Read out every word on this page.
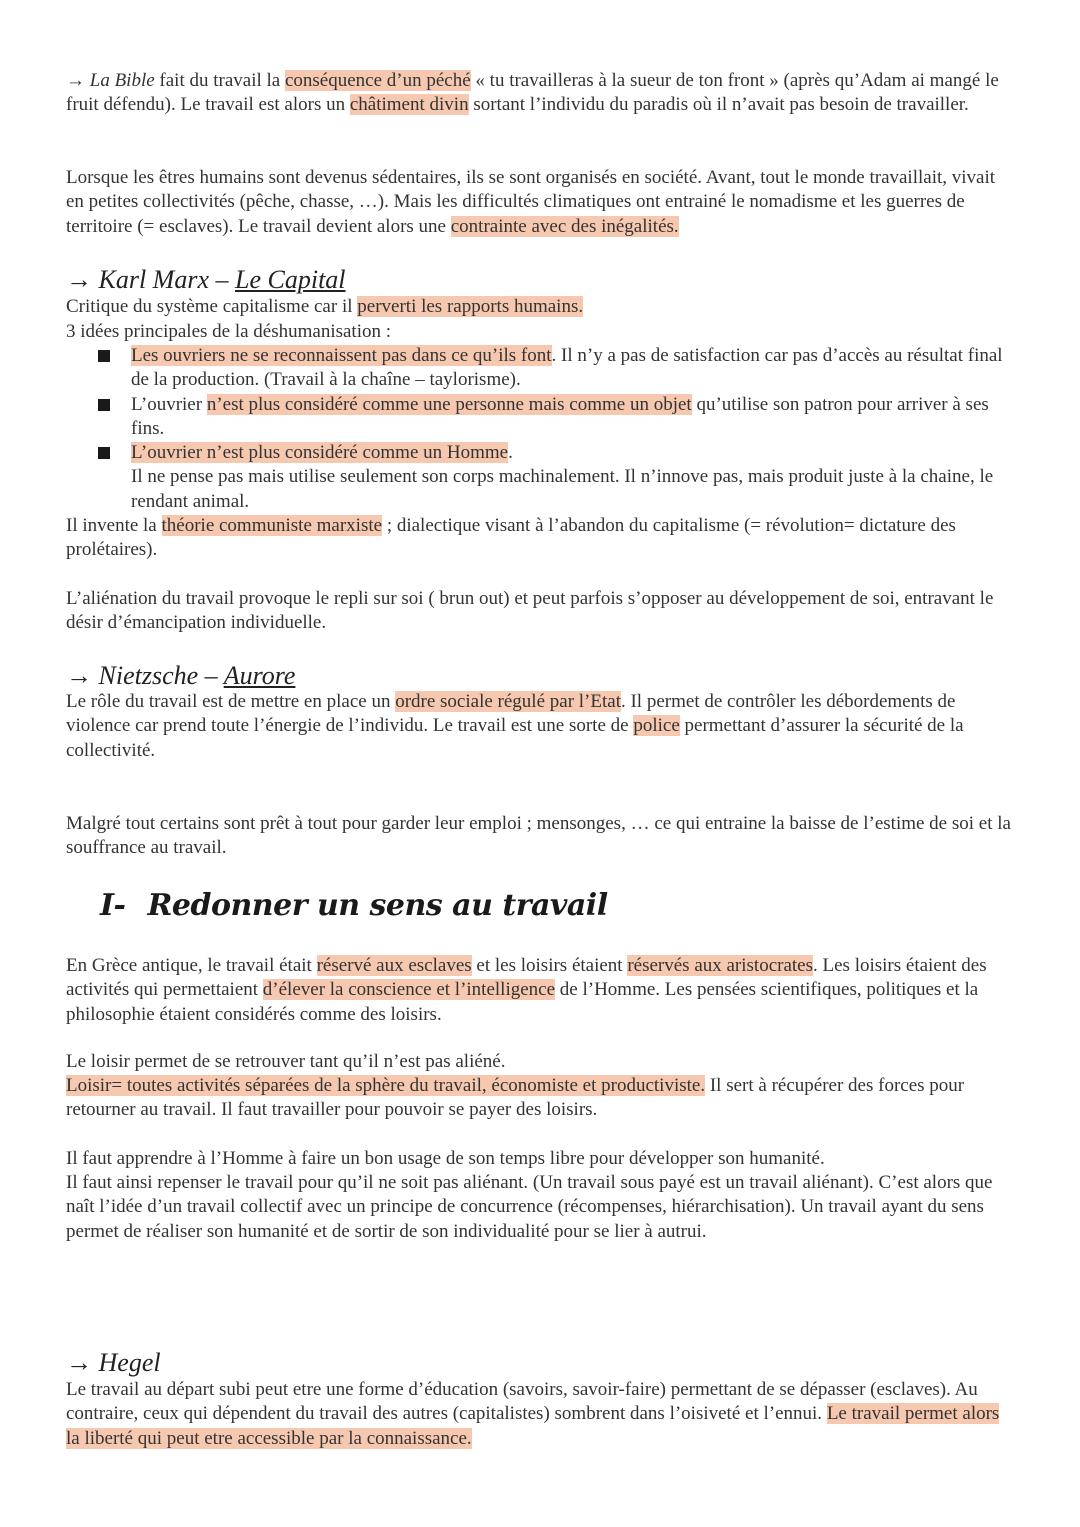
→ La Bible fait du travail la conséquence d’un péché « tu travailleras à la sueur de ton front » (après qu’Adam ai mangé le fruit défendu). Le travail est alors un châtiment divin sortant l’individu du paradis où il n’avait pas besoin de travailler.

Lorsque les êtres humains sont devenus sédentaires, ils se sont organisés en société. Avant, tout le monde travaillait, vivait en petites collectivités (pêche, chasse, …). Mais les difficultés climatiques ont entrainé le nomadisme et les guerres de territoire (= esclaves). Le travail devient alors une contrainte avec des inégalités.

→ Karl Marx – Le Capital

Critique du système capitalisme car il perverti les rapports humains.

3 idées principales de la déshumanisation :

Les ouvriers ne se reconnaissent pas dans ce qu’ils font. Il n’y a pas de satisfaction car pas d’accès au résultat final de la production. (Travail à la chaîne – taylorisme).
L’ouvrier n’est plus considéré comme une personne mais comme un objet qu’utilise son patron pour arriver à ses fins.
L’ouvrier n’est plus considéré comme un Homme.
Il ne pense pas mais utilise seulement son corps machinalement. Il n’innove pas, mais produit juste à la chaine, le rendant animal.

Il invente la théorie communiste marxiste ; dialectique visant à l’abandon du capitalisme (= révolution= dictature des prolétaires).

L’aliénation du travail provoque le repli sur soi ( brun out) et peut parfois s’opposer au développement de soi, entravant le désir d’émancipation individuelle.

→ Nietzsche – Aurore

Le rôle du travail est de mettre en place un ordre sociale régulé par l’Etat. Il permet de contrôler les débordements de violence car prend toute l’énergie de l’individu. Le travail est une sorte de police permettant d’assurer la sécurité de la collectivité.

Malgré tout certains sont prêt à tout pour garder leur emploi ; mensonges, … ce qui entraine la baisse de l’estime de soi et la souffrance au travail.

I- Redonner un sens au travail

En Grèce antique, le travail était réservé aux esclaves et les loisirs étaient réservés aux aristocrates. Les loisirs étaient des activités qui permettaient d’élever la conscience et l’intelligence de l’Homme. Les pensées scientifiques, politiques et la philosophie étaient considérés comme des loisirs.

Le loisir permet de se retrouver tant qu’il n’est pas aliéné.

Loisir= toutes activités séparées de la sphère du travail, économiste et productiviste. Il sert à récupérer des forces pour retourner au travail. Il faut travailler pour pouvoir se payer des loisirs.

Il faut apprendre à l’Homme à faire un bon usage de son temps libre pour développer son humanité.

Il faut ainsi repenser le travail pour qu’il ne soit pas aliénant. (Un travail sous payé est un travail aliénant). C’est alors que naît l’idée d’un travail collectif avec un principe de concurrence (récompenses, hiérarchisation). Un travail ayant du sens permet de réaliser son humanité et de sortir de son individualité pour se lier à autrui.

→ Hegel

Le travail au départ subi peut etre une forme d’éducation (savoirs, savoir-faire) permettant de se dépasser (esclaves). Au contraire, ceux qui dépendent du travail des autres (capitalistes) sombrent dans l’oisiveté et l’ennui. Le travail permet alors la liberté qui peut etre accessible par la connaissance.
